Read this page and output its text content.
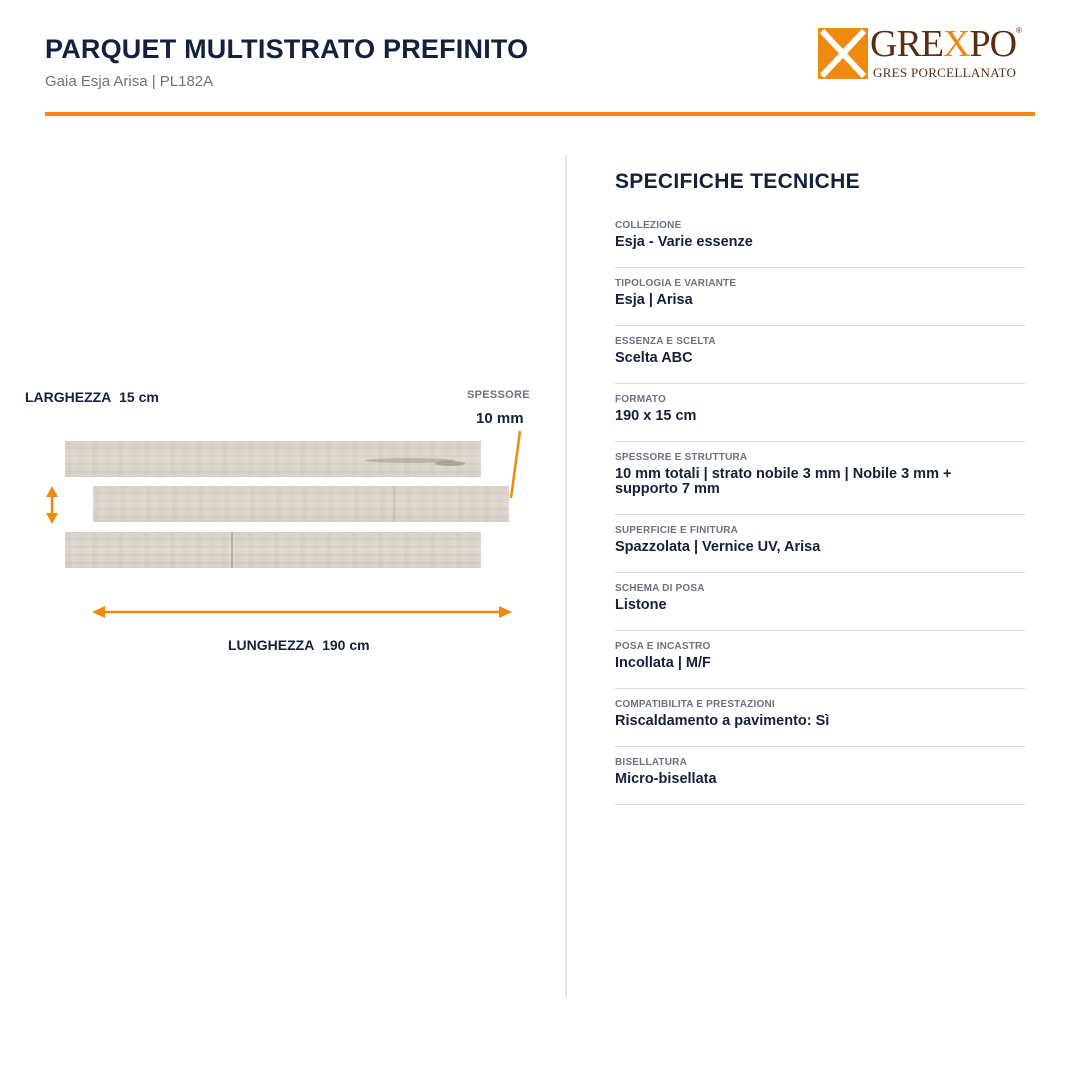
PARQUET MULTISTRATO PREFINITO
Gaia Esja Arisa | PL182A
GREXPO ®
GRES PORCELLANATO
LARGHEZZA 15 cm	SPESSORE
10 mm
LUNGHEZZA 190 cm
SPECIFICHE TECNICHE
COLLEZIONE
Esja - Varie essenze
TIPOLOGIA E VARIANTE
Esja | Arisa
ESSENZA E SCELTA
Scelta ABC
FORMATO
190 x 15 cm
SPESSORE E STRUTTURA
10 mm totali | strato nobile 3 mm | Nobile 3 mm + supporto 7 mm
SUPERFICIE E FINITURA
Spazzolata | Vernice UV, Arisa
SCHEMA DI POSA
Listone
POSA E INCASTRO
Incollata | M/F
COMPATIBILITA E PRESTAZIONI
Riscaldamento a pavimento: Sì
BISELLATURA
Micro-bisellata
